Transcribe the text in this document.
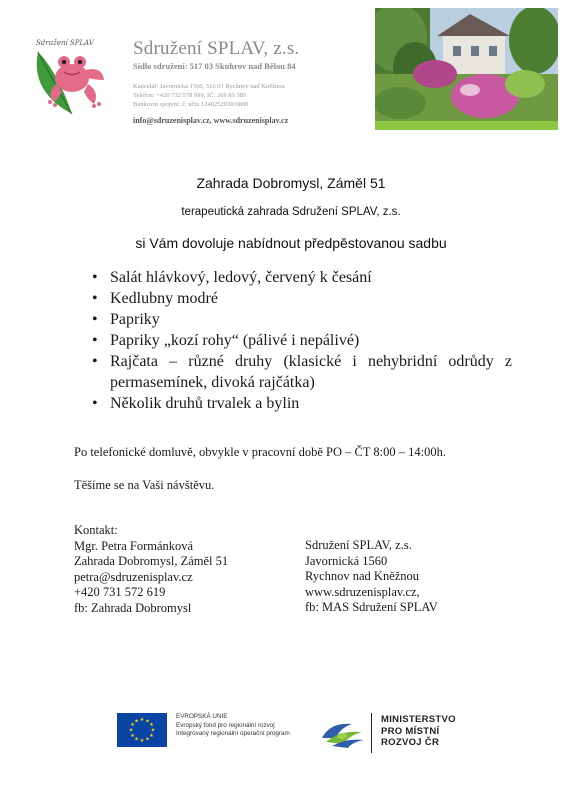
Sdružení SPLAV Sdružení SPLAV, z.s.
Sídlo sdružení: 517 03 Skuhrov nad Bělou 84
Kancelář: Javornická 1560, 516 01 Rychnov nad Kněžnou
Telefon: +420 732 578 999, IČ: 269 83 389
Bankovní spojení: č. účtu 1240252030/0800
info@sdruzenisplav.cz, www.sdruzenisplav.cz
Zahrada Dobromysl, Záměl 51
terapeutická zahrada Sdružení SPLAV, z.s.
si Vám dovoluje nabídnout předpěstovanou sadbu
• Salát hlávkový, ledový, červený k česání
• Kedlubny modré
• Papriky
• Papriky „kozí rohy“ (pálivé i nepálivé)
• Rajčata – různé druhy (klasické i nehybridní odrůdy z permasemínek, divoká rajčátka)
• Několik druhů trvalek a bylin
Po telefonické domluvě, obvykle v pracovní době PO – ČT 8:00 – 14:00h.
Těšíme se na Vaši návštěvu.
Kontakt:
Mgr. Petra Formánková
Zahrada Dobromysl, Záměl 51
petra@sdruzenisplav.cz
+420 731 572 619
fb: Zahrada Dobromysl
Sdružení SPLAV, z.s.
Javornická 1560
Rychnov nad Kněžnou
www.sdruzenisplav.cz,
fb: MAS Sdružení SPLAV
★ ★
★
★
★
★
★
★
★
★
★
★
EVROPSKÁ UNIE
Evropský fond pro regionální rozvoj
Integrovaný regionální operační program
MINISTERSTVO
PRO MÍSTNÍ
ROZVOJ ČR
